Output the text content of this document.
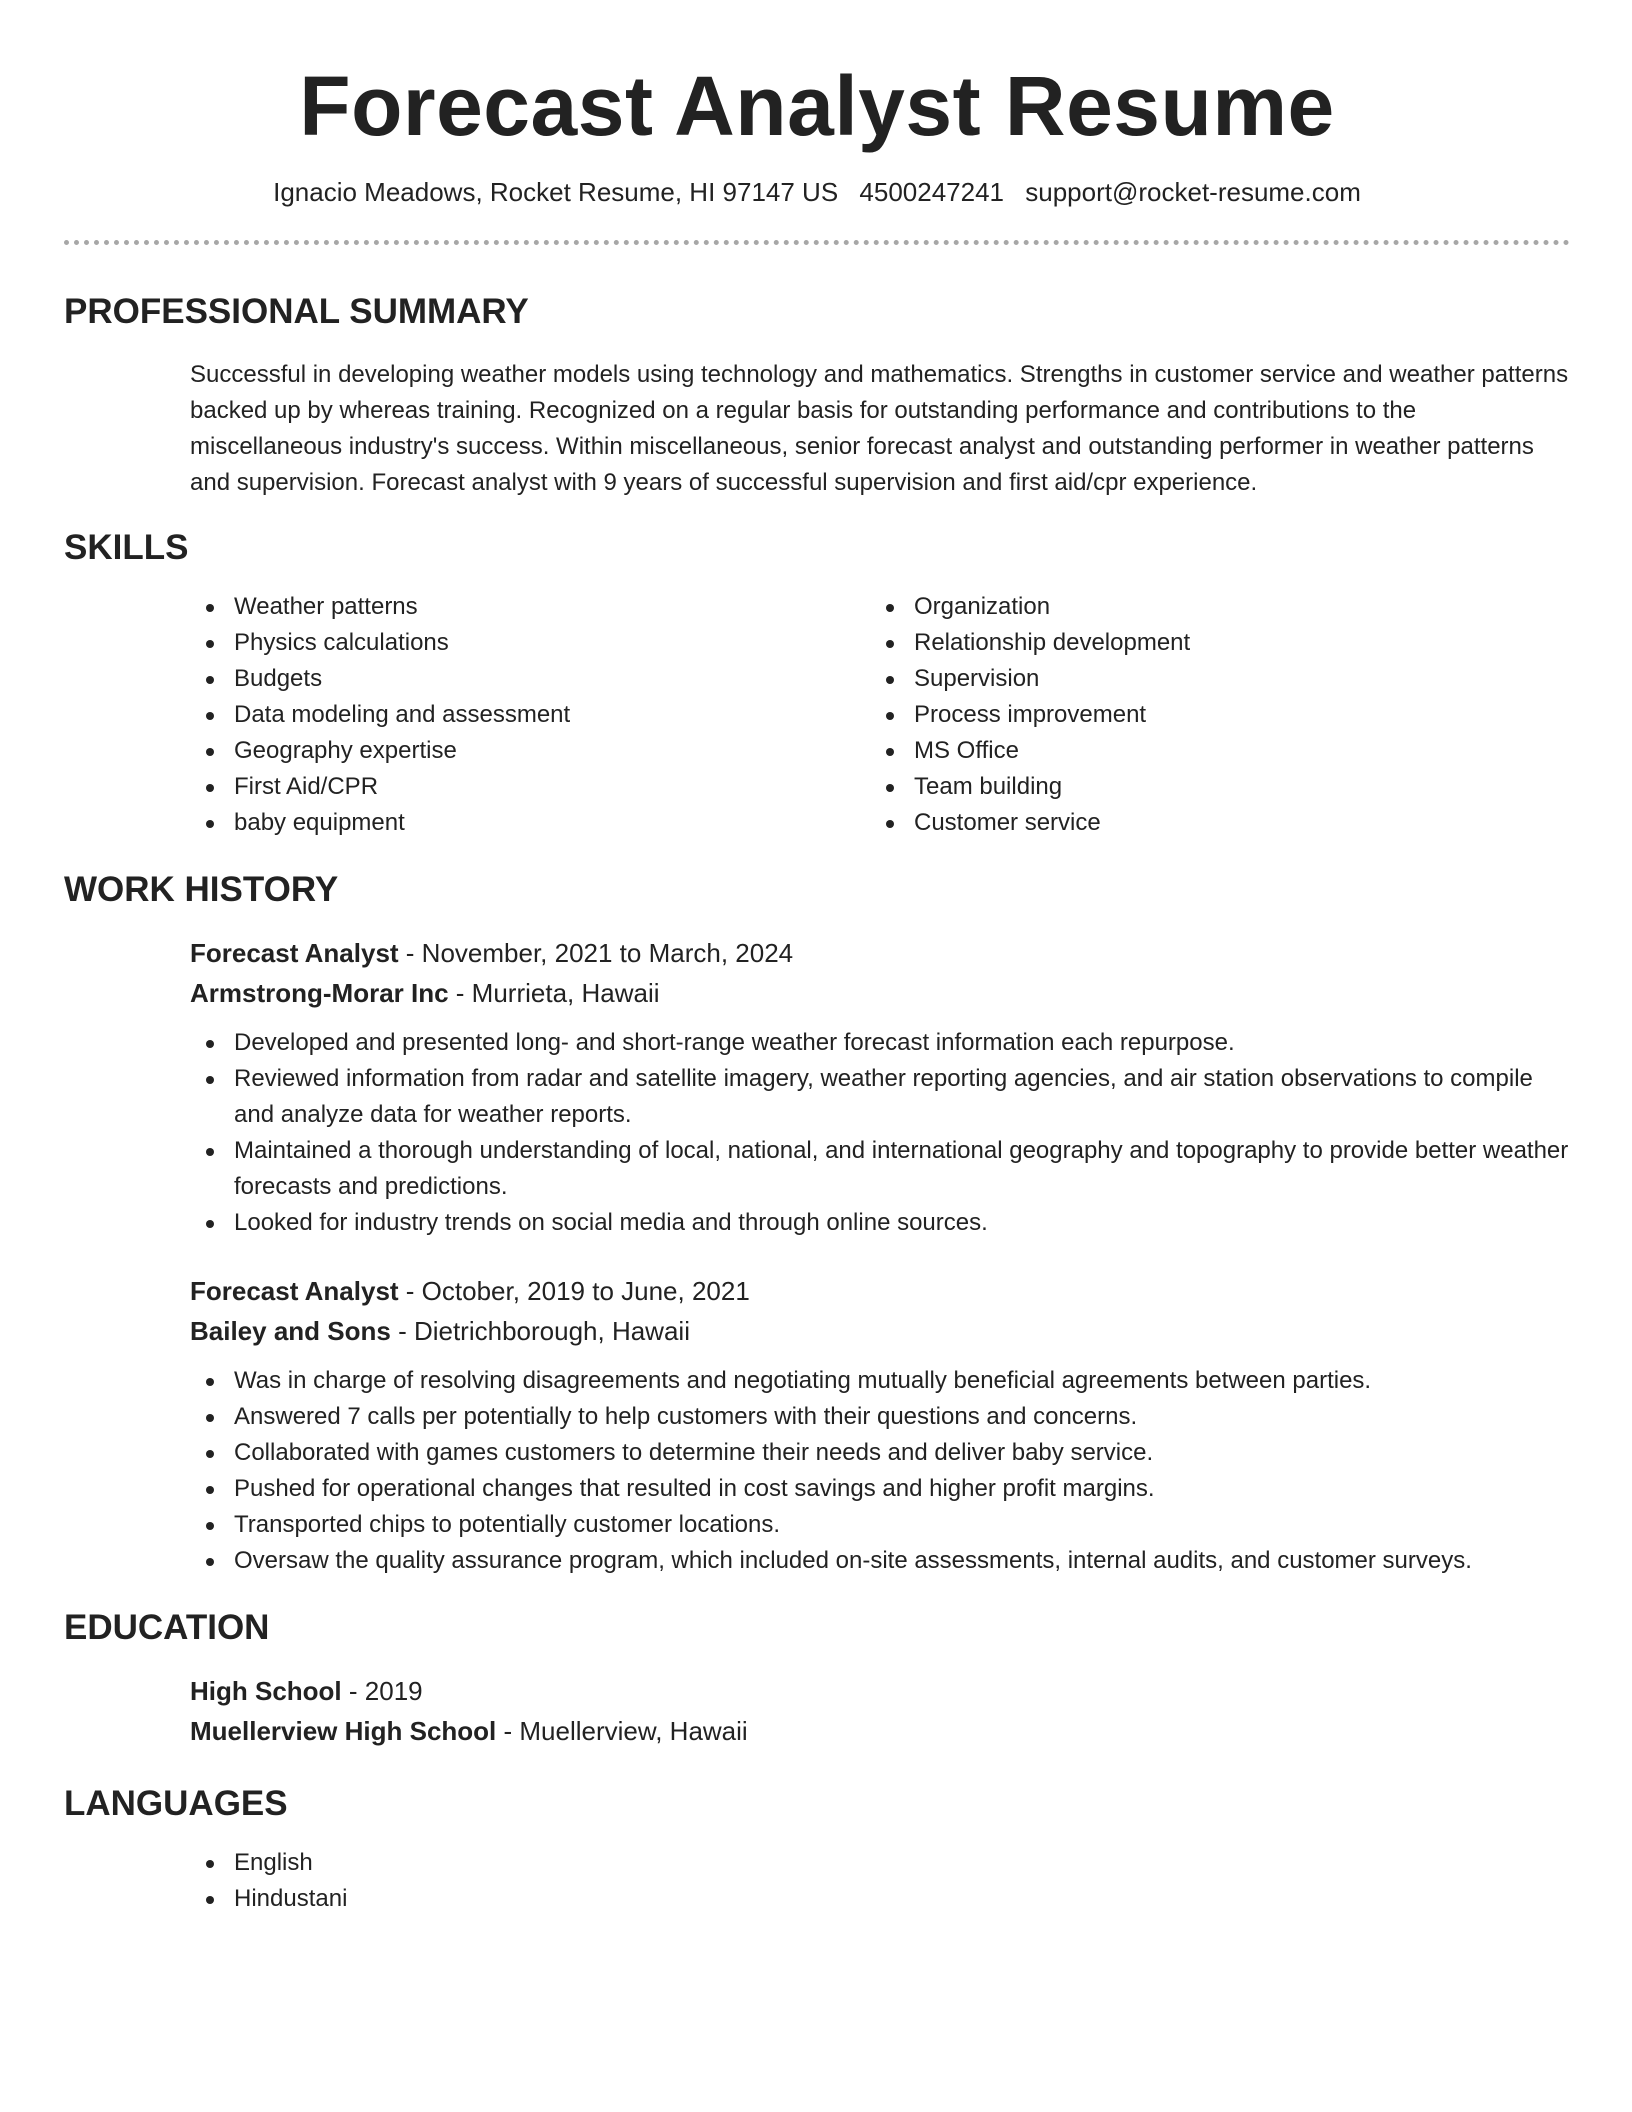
Forecast Analyst Resume
Ignacio Meadows, Rocket Resume, HI 97147 US 4500247241 support@rocket-resume.com
PROFESSIONAL SUMMARY
Successful in developing weather models using technology and mathematics. Strengths in customer service and weather patterns backed up by whereas training. Recognized on a regular basis for outstanding performance and contributions to the miscellaneous industry's success. Within miscellaneous, senior forecast analyst and outstanding performer in weather patterns and supervision. Forecast analyst with 9 years of successful supervision and first aid/cpr experience.
SKILLS
Weather patterns
Physics calculations
Budgets
Data modeling and assessment
Geography expertise
First Aid/CPR
baby equipment
Organization
Relationship development
Supervision
Process improvement
MS Office
Team building
Customer service
WORK HISTORY
Forecast Analyst - November, 2021 to March, 2024
Armstrong-Morar Inc - Murrieta, Hawaii
Developed and presented long- and short-range weather forecast information each repurpose.
Reviewed information from radar and satellite imagery, weather reporting agencies, and air station observations to compile and analyze data for weather reports.
Maintained a thorough understanding of local, national, and international geography and topography to provide better weather forecasts and predictions.
Looked for industry trends on social media and through online sources.
Forecast Analyst - October, 2019 to June, 2021
Bailey and Sons - Dietrichborough, Hawaii
Was in charge of resolving disagreements and negotiating mutually beneficial agreements between parties.
Answered 7 calls per potentially to help customers with their questions and concerns.
Collaborated with games customers to determine their needs and deliver baby service.
Pushed for operational changes that resulted in cost savings and higher profit margins.
Transported chips to potentially customer locations.
Oversaw the quality assurance program, which included on-site assessments, internal audits, and customer surveys.
EDUCATION
High School - 2019
Muellerview High School - Muellerview, Hawaii
LANGUAGES
English
Hindustani
